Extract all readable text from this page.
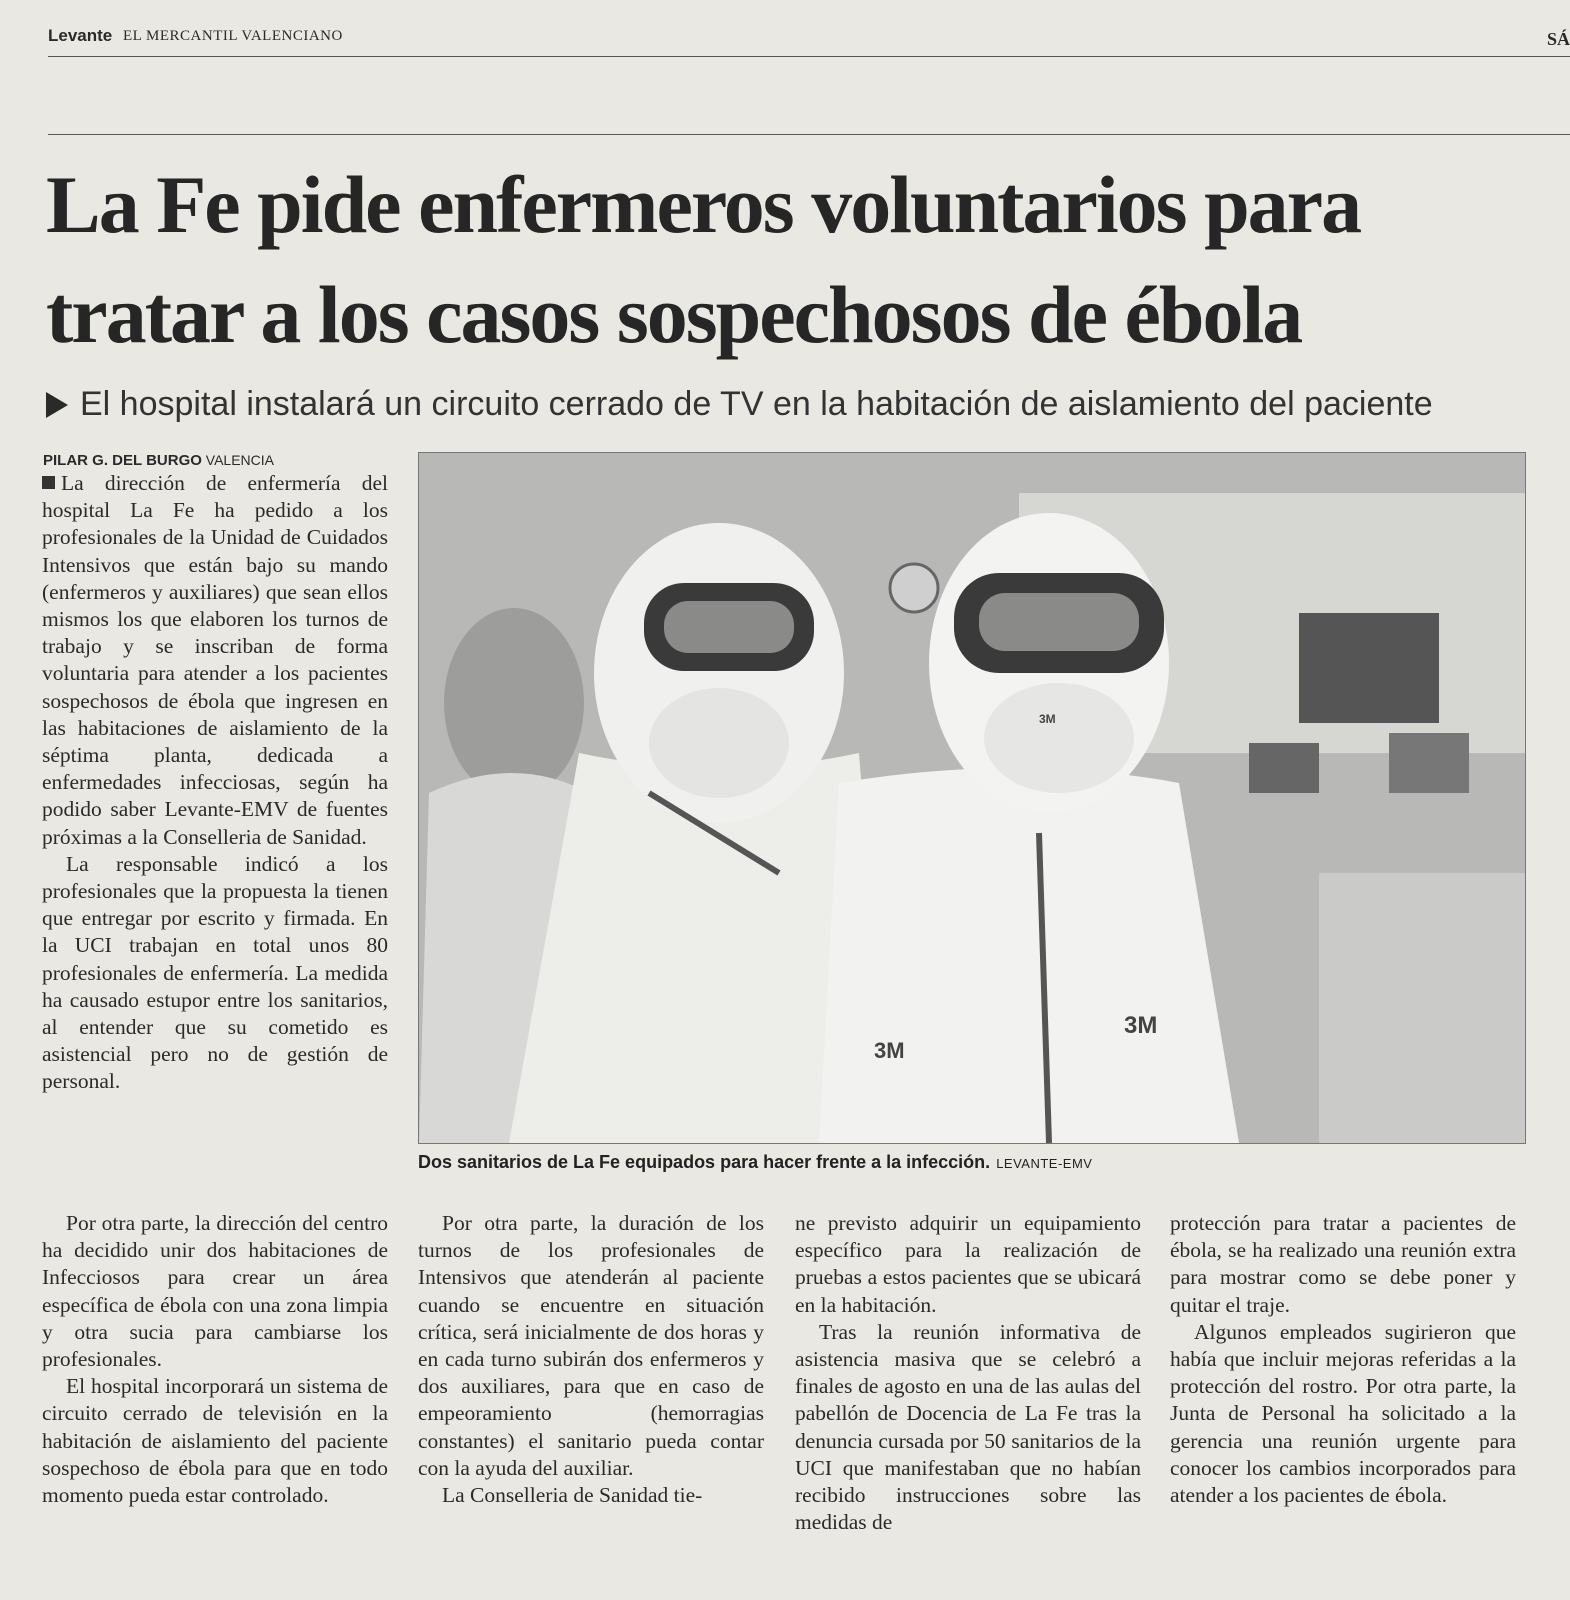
Levante EL MERCANTIL VALENCIANO	SÁ
La Fe pide enfermeros voluntarios para tratar a los casos sospechosos de ébola
El hospital instalará un circuito cerrado de TV en la habitación de aislamiento del paciente
PILAR G. DEL BURGO VALENCIA

La dirección de enfermería del hospital La Fe ha pedido a los profesionales de la Unidad de Cuidados Intensivos que están bajo su mando (enfermeros y auxiliares) que sean ellos mismos los que elaboren los turnos de trabajo y se inscriban de forma voluntaria para atender a los pacientes sospechosos de ébola que ingresen en las habitaciones de aislamiento de la séptima planta, dedicada a enfermedades infecciosas, según ha podido saber Levante-EMV de fuentes próximas a la Conselleria de Sanidad.

La responsable indicó a los profesionales que la propuesta la tienen que entregar por escrito y firmada. En la UCI trabajan en total unos 80 profesionales de enfermería. La medida ha causado estupor entre los sanitarios, al entender que su cometido es asistencial pero no de gestión de personal.

3M
3M
3M
Dos sanitarios de La Fe equipados para hacer frente a la infección. LEVANTE-EMV

Por otra parte, la dirección del centro ha decidido unir dos habitaciones de Infecciosos para crear un área específica de ébola con una zona limpia y otra sucia para cambiarse los profesionales.

El hospital incorporará un sistema de circuito cerrado de televisión en la habitación de aislamiento del paciente sospechoso de ébola para que en todo momento pueda estar controlado.

Por otra parte, la duración de los turnos de los profesionales de Intensivos que atenderán al paciente cuando se encuentre en situación crítica, será inicialmente de dos horas y en cada turno subirán dos enfermeros y dos auxiliares, para que en caso de empeoramiento (hemorragias constantes) el sanitario pueda contar con la ayuda del auxiliar.

La Conselleria de Sanidad tie-

ne previsto adquirir un equipamiento específico para la realización de pruebas a estos pacientes que se ubicará en la habitación.

Tras la reunión informativa de asistencia masiva que se celebró a finales de agosto en una de las aulas del pabellón de Docencia de La Fe tras la denuncia cursada por 50 sanitarios de la UCI que manifestaban que no habían recibido instrucciones sobre las medidas de

protección para tratar a pacientes de ébola, se ha realizado una reunión extra para mostrar como se debe poner y quitar el traje.

Algunos empleados sugirieron que había que incluir mejoras referidas a la protección del rostro. Por otra parte, la Junta de Personal ha solicitado a la gerencia una reunión urgente para conocer los cambios incorporados para atender a los pacientes de ébola.
